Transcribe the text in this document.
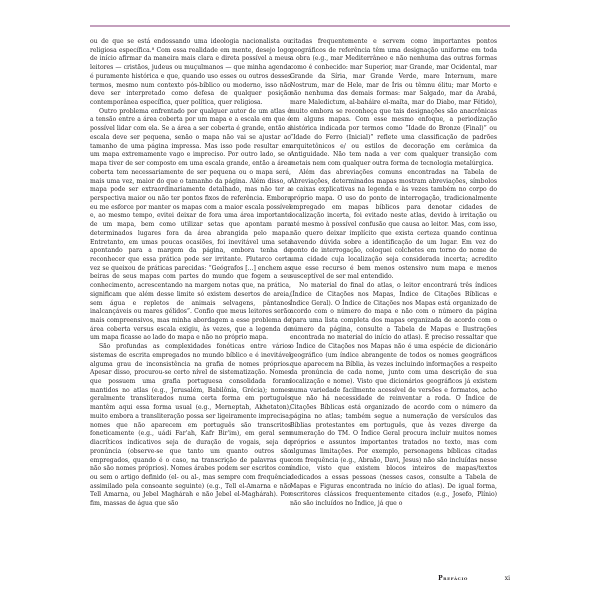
ou de que se está endossando uma ideologia nacionalista ou religiosa específica.⁸ Com essa realidade em mente, desejo logo de início afirmar da maneira mais clara e direta possível a meus leitores — cristãos, judeus ou muçulmanos — que minha agenda é puramente histórica e que, quando uso esses ou outros desses termos, mesmo num contexto pós-bíblico ou moderno, isso não deve ser interpretado como defesa de qualquer posição contemporânea específica, quer política, quer religiosa.

Outro problema enfrentado por qualquer autor de um atlas é a tensão entre a área coberta por um mapa e a escala em que é possível lidar com ela. Se a área a ser coberta é grande, então a escala deve ser pequena, senão o mapa não vai se ajustar ao tamanho de uma página impressa. Mas isso pode resultar em um mapa extremamente vago e impreciso. Por outro lado, se o mapa tiver de ser composto em uma escala grande, então a área coberta tem necessariamente de ser pequena ou o mapa será, mais uma vez, maior do que o tamanho da página. Além disso, o mapa pode ser extraordinariamente detalhado, mas não ter a perspectiva maior ou não ter pontos fixos de referência. Embora eu me esforce por manter os mapas com a maior escala possível e, ao mesmo tempo, evitei deixar de fora uma área importante de um mapa, bem como utilizar setas que apontam para determinados lugares fora da área abrangida pelo mapa. Entretanto, em umas poucas ocasiões, foi inevitável uma seta apontando para a margem da página, embora tenha de reconhecer que essa prática pode ser irritante. Plutarco certa vez se queixou de práticas parecidas: “Geógrafos [...] enchem as beiras de seus mapas com partes do mundo que fogem a seu conhecimento, acrescentando na margem notas que, na prática, significam que além desse limite só existem desertos de areia, sem água e repletos de animais selvagens, pântanos inalcançáveis ou mares gélidos”. Confio que meus leitores serão mais compreensivos, mas minha abordagem a esse problema de área coberta versus escala exigiu, às vezes, que a legenda de um mapa ficasse ao lado do mapa e não no próprio mapa.

São profundas as complexidades fonéticas entre vários sistemas de escrita empregados no mundo bíblico e é inevitável alguma grau de inconsistência na grafia de nomes próprios. Apesar disso, procurou-se certo nível de sistematização. Nomes que possuem uma grafia portuguesa consolidada foram mantidos no atlas (e.g., Jerusalém, Babilônia, Grécia); nomes geralmente transliterados numa certa forma em português mantêm aqui essa forma usual (e.g., Merneptah, Akhetaton), muito embora a transliteração possa ser ligeiramente imprecisa; nomes que não aparecem em português são transcritos foneticamente (e.g., uádi Far'ah, Kafr Bir'im), em geral sem diacríticos indicativos seja de duração de vogais, seja de pronúncia (observe-se que tanto um quanto outros são empregados, quando é o caso, na transcrição de palavras que não são nomes próprios). Nomes árabes podem ser escritos com ou sem o artigo definido (el- ou al-, mas sempre com frequência assimilado pela consoante seguinte) (e.g., Tell el-Amarna e não Tell Amarna, ou Jebel Maghárah e não Jebel el-Maghárah). Por fim, massas de água que são

citadas frequentemente e servem como importantes pontos geográficos de referência têm uma designação uniforme em toda a obra (e.g., mar Mediterrâneo e não nenhuma das outras formas como é conhecido: mar Superior, mar Grande, mar Ocidental, mar Grande da Síria, mar Grande Verde, mare Internum, mare Nostrum, mar de Hele, mar de Íris ou têmnu élitu; mar Morto e não nenhuma das demais formas: mar Salgado, mar da Arabá, mare Maledictum, al-baháire el-maïta, mar do Diabo, mar Fétido), muito embora se reconheça que tais designações são anacrônicas em alguns mapas. Com esse mesmo enfoque, a periodização histórica indicada por termos como “Idade do Bronze (Final)” ou “Idade do Ferro (Inicial)” reflete uma classificação de padrões arquitetônicos e/ ou estilos de decoração em cerâmica da Antiguidade. Não tem nada a ver com qualquer transição com metais nem com qualquer outra forma de tecnologia metalúrgica.

Além das abreviações comuns encontradas na Tabela de Abreviações, determinados mapas mostram abreviações, símbolos e caixas explicativas na legenda e às vezes também no corpo do próprio mapa. O uso do ponto de interrogação, tradicionalmente empregado em mapas bíblicos para denotar cidades de localização incerta, foi evitado neste atlas, devido à irritação ou até mesmo à possível confusão que causa ao leitor. Mas, com isso, não quero deixar implícito que exista certeza quando continua havendo dúvida sobre a identificação de um lugar. Em vez do ponto de interrogação, coloquei colchetes em torno do nome de uma cidade cuja localização seja considerada incerta; acredito que esse recurso é bem menos ostensivo num mapa e menos susceptível de ser mal entendido.

No material do final do atlas, o leitor encontrará três índices (Índice de Citações nos Mapas, Índice de Citações Bíblicas e Índice Geral). O Índice de Citações nos Mapas está organizado de acordo com o número do mapa e não com o número da página (para uma lista completa dos mapas organizada de acordo com o número da página, consulte a Tabela de Mapas e Ilustrações encontrada no material do início do atlas). É preciso ressaltar que o Índice de Citações nos Mapas não é uma espécie de dicionário geográfico (um índice abrangente de todos os nomes geográficos que aparecem na Bíblia, às vezes incluindo informações a respeito da pronúncia de cada nome, junto com uma descrição de sua localização e nome). Visto que dicionários geográficos já existem numa variedade facilmente acessível de versões e formatos, acho que não há necessidade de reinventar a roda. O Índice de Citações Bíblicas está organizado de acordo com o número da página no atlas; também segue a numeração de versículos das Bíblias protestantes em português, que às vezes diverge da numeração do TM. O Índice Geral procura incluir muitos nomes próprios e assuntos importantes tratados no texto, mas com algumas limitações. Por exemplo, personagens bíblicas citadas com frequência (e.g., Abraão, Davi, Jesus) não são incluídas nesse índice, visto que existem blocos inteiros de mapas/textos dedicados a essas pessoas (nesses casos, consulte a Tabela de Mapas e Figuras encontrada no início do atlas). De igual forma, escritores clássicos frequentemente citados (e.g., Josefo, Plínio) não são incluídos no Índice, já que o

Prefácio	xi
